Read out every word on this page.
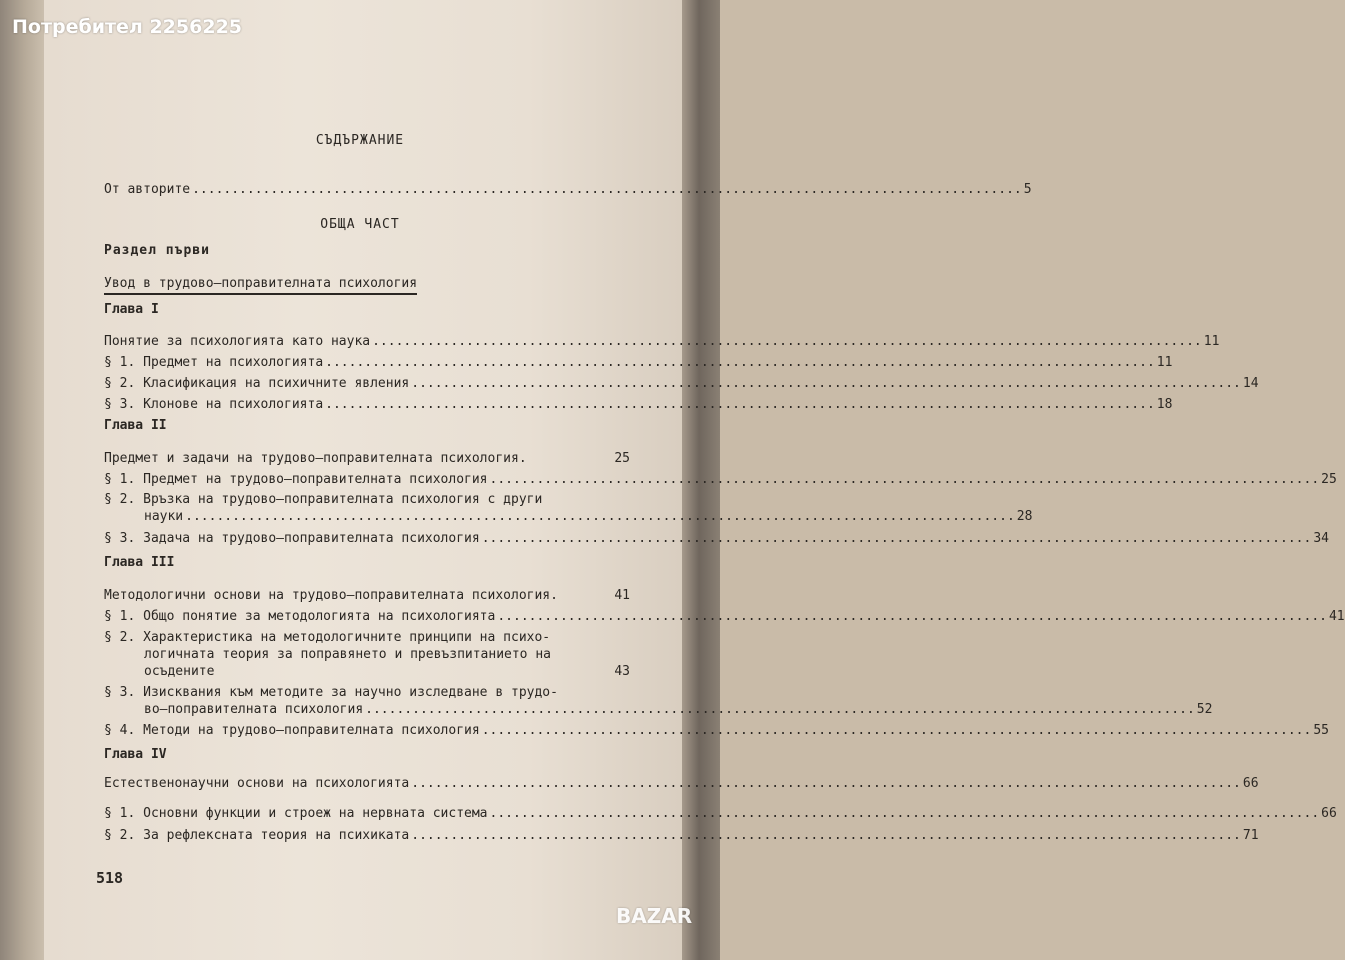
Потребител 2256225
СЪДЪРЖАНИЕ
От авторите .......................................................................................................... 5
ОБЩА ЧАСТ
Раздел първи
Увод в трудово–поправителната психология
Глава I
Понятие за психологията като наука .......................................................................................................... 11
§ 1. Предмет на психологията .......................................................................................................... 11
§ 2. Класификация на психичните явления .......................................................................................................... 14
§ 3. Клонове на психологията .......................................................................................................... 18
Глава II
Предмет и задачи на трудово–поправителната психология.	25
§ 1. Предмет на трудово–поправителната психология .......................................................................................................... 25
§ 2. Връзка на трудово–поправителната психология с други
науки .......................................................................................................... 28
§ 3. Задача на трудово–поправителната психология .......................................................................................................... 34
Глава III
Методологични основи на трудово–поправителната психология.	41
§ 1. Общо понятие за методологията на психологията .......................................................................................................... 41
§ 2. Характеристика на методологичните принципи на психо-
логичната теория за поправянето и превъзпитанието на
осъдените	43
§ 3. Изисквания към методите за научно изследване в трудо-
во–поправителната психология .......................................................................................................... 52
§ 4. Методи на трудово–поправителната психология .......................................................................................................... 55
Глава IV
Естественонаучни основи на психологията .......................................................................................................... 66
§ 1. Основни функции и строеж на нервната система .......................................................................................................... 66
§ 2. За рефлексната теория на психиката .......................................................................................................... 71
518
BAZAR
